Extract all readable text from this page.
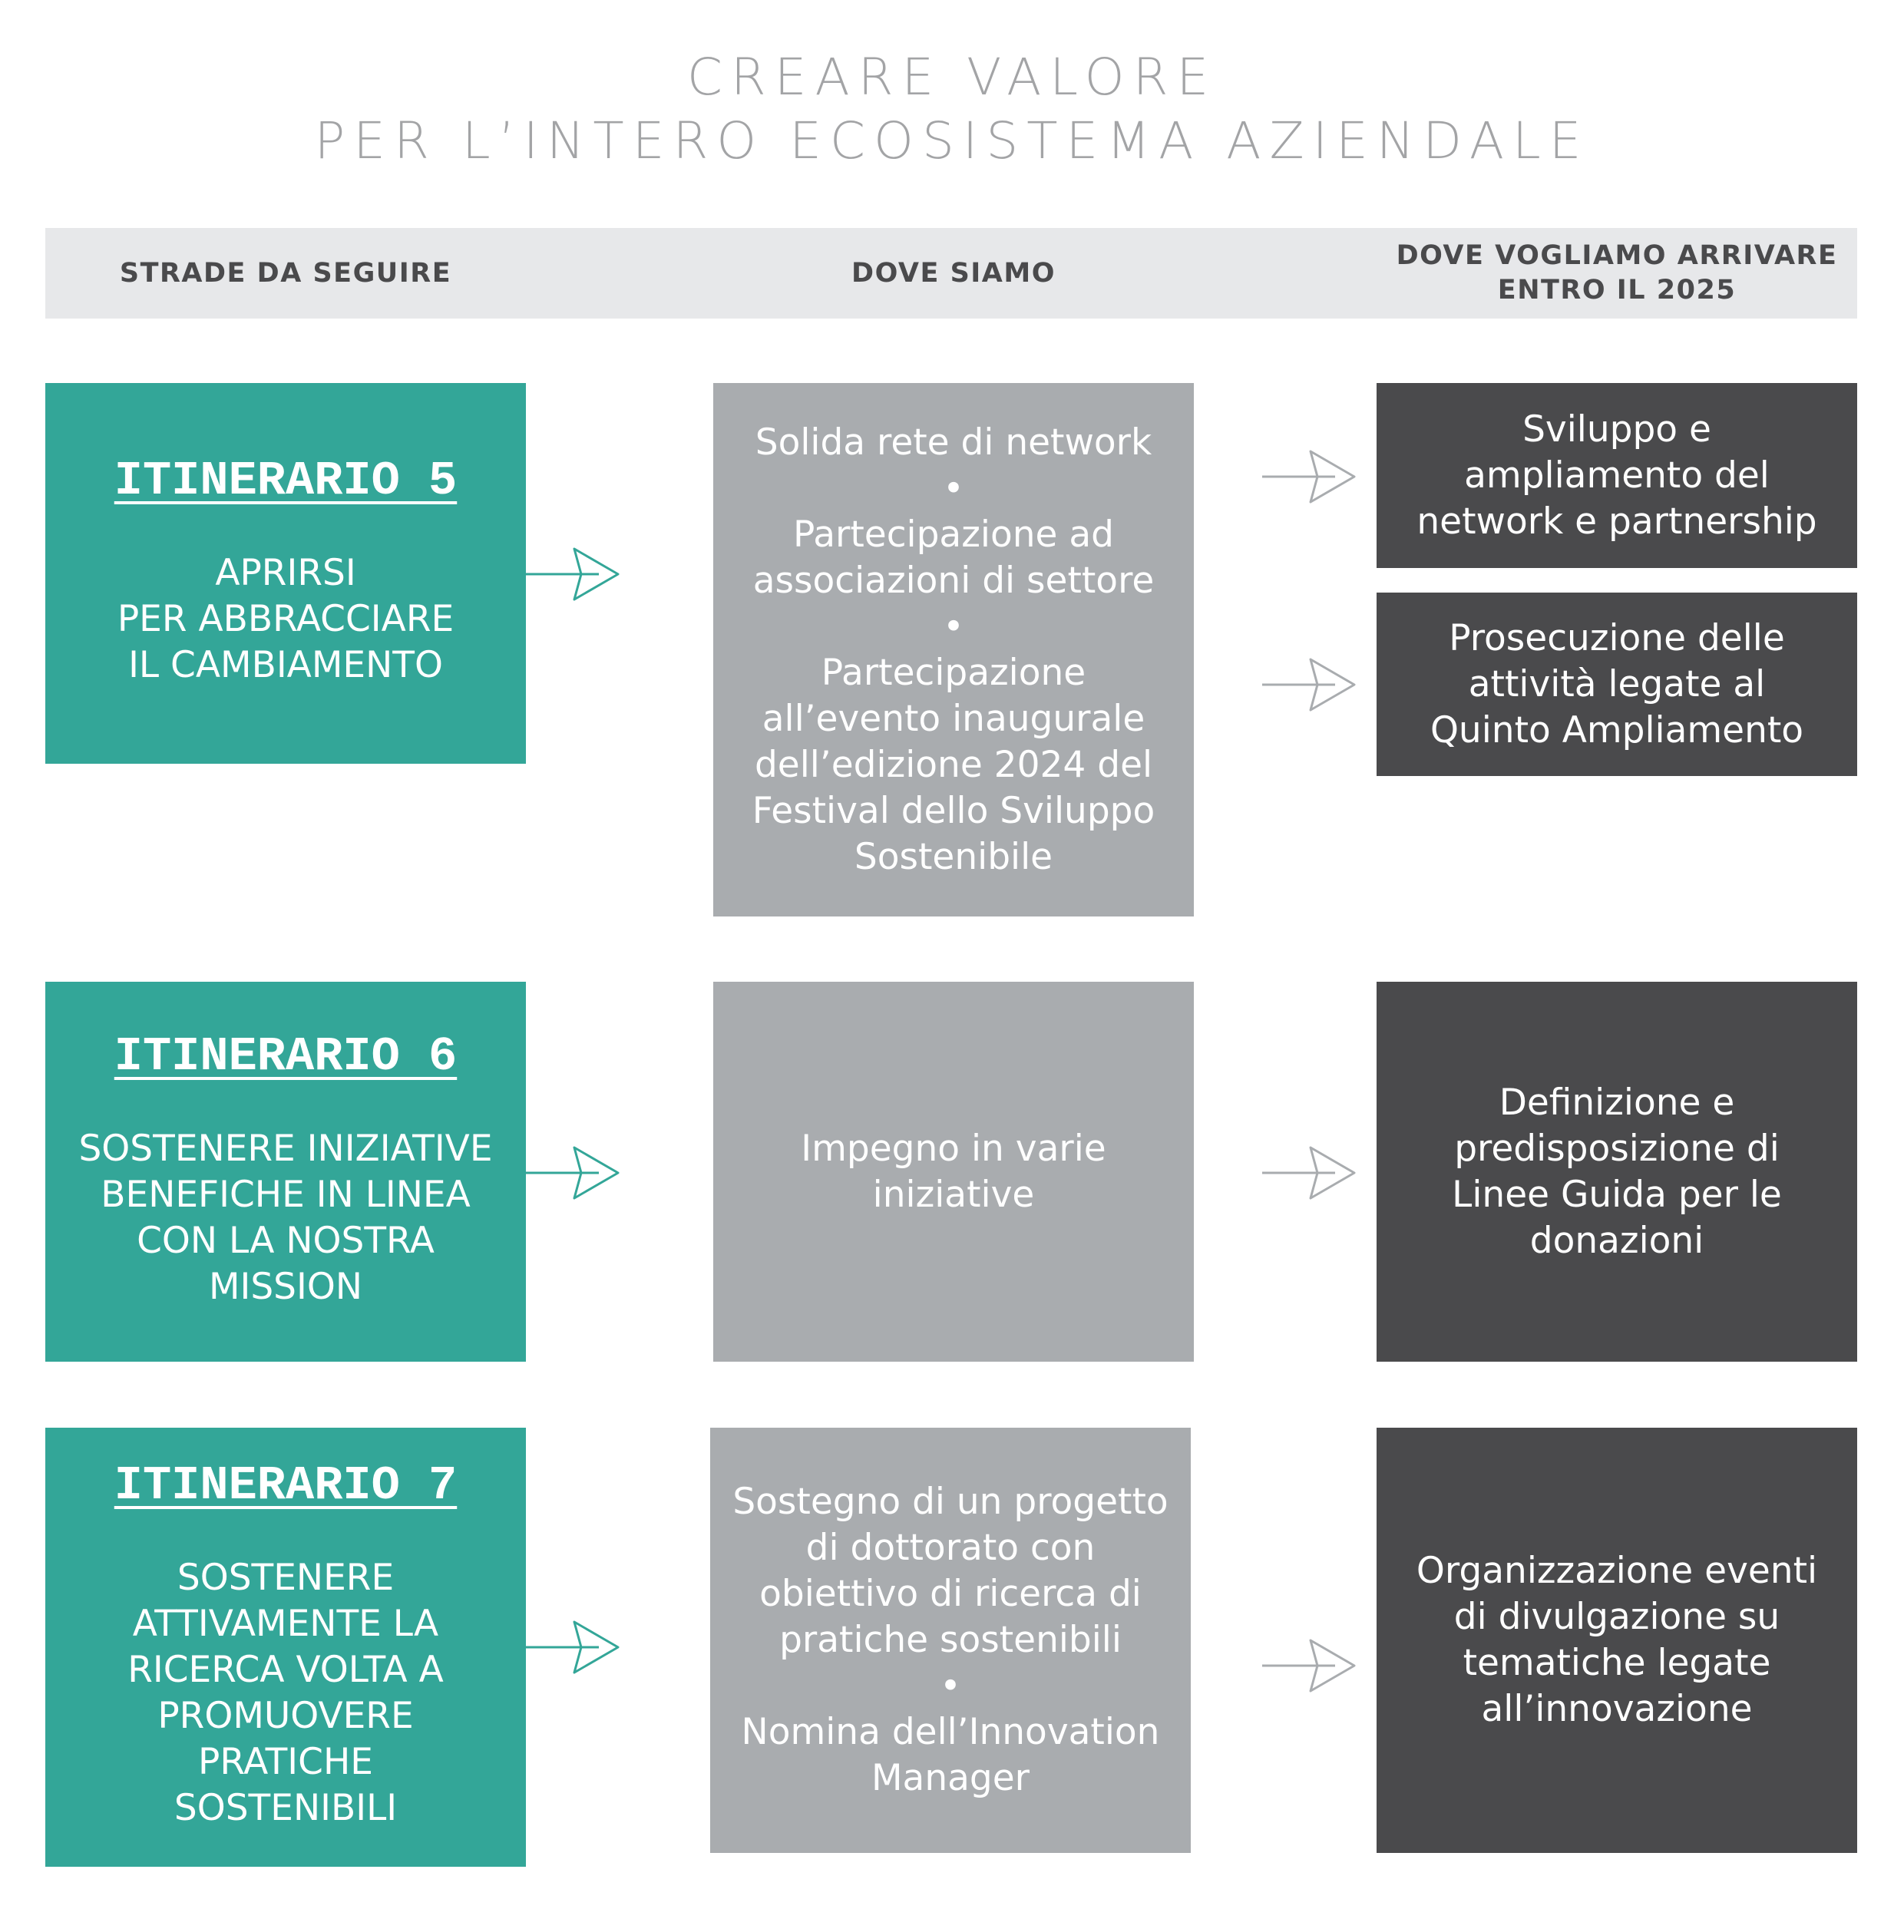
CREARE VALORE
PER L’INTERO ECOSISTEMA AZIENDALE
STRADE DA SEGUIRE	DOVE SIAMO
DOVE VOGLIAMO ARRIVARE
ENTRO IL 2025
ITINERARIO 5
APRIRSI
PER ABBRACCIARE
IL CAMBIAMENTO
Solida rete di network
•
Partecipazione ad associazioni di settore
•
Partecipazione all’evento inaugurale dell’edizione 2024 del Festival dello Sviluppo Sostenibile
Sviluppo e ampliamento del network e partnership
Prosecuzione delle attività legate al Quinto Ampliamento
ITINERARIO 6
SOSTENERE INIZIATIVE BENEFICHE IN LINEA CON LA NOSTRA MISSION
Impegno in varie iniziative
Definizione e predisposizione di Linee Guida per le donazioni
ITINERARIO 7
SOSTENERE ATTIVAMENTE LA RICERCA VOLTA A PROMUOVERE PRATICHE SOSTENIBILI
Sostegno di un progetto di dottorato con obiettivo di ricerca di pratiche sostenibili
•
Nomina dell’Innovation Manager
Organizzazione eventi di divulgazione su tematiche legate all’innovazione
